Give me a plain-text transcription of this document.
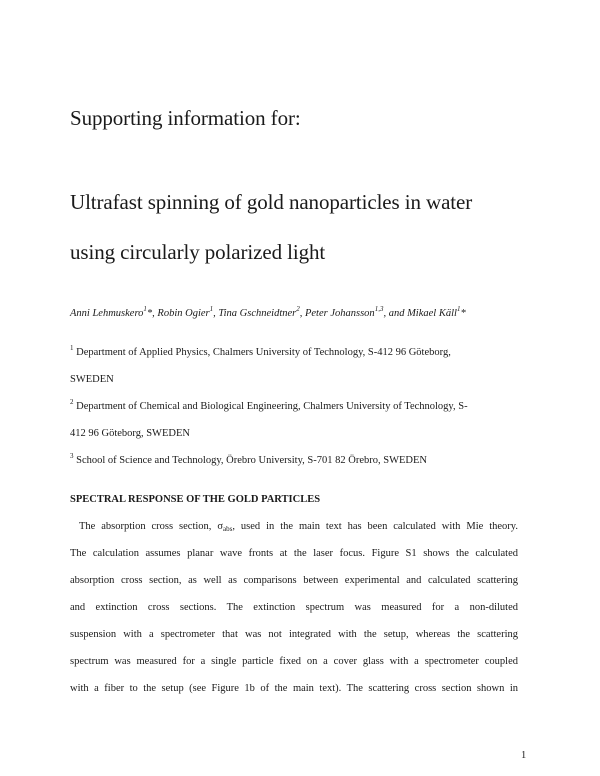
Supporting information for:
Ultrafast spinning of gold nanoparticles in water
using circularly polarized light
Anni Lehmuskero$^1$*, Robin Ogier$^1$, Tina Gschneidtner$^2$, Peter Johansson$^{1,3}$, and Mikael Käll$^1$*
$^1$ Department of Applied Physics, Chalmers University of Technology, S-412 96 Göteborg,
SWEDEN
$^2$ Department of Chemical and Biological Engineering, Chalmers University of Technology, S-
412 96 Göteborg, SWEDEN
$^3$ School of Science and Technology, Örebro University, S-701 82 Örebro, SWEDEN
SPECTRAL RESPONSE OF THE GOLD PARTICLES
The absorption cross section, $\sigma_{abs}$, used in the main text has been calculated with Mie theory.
The calculation assumes planar wave fronts at the laser focus. Figure S1 shows the calculated
absorption cross section, as well as comparisons between experimental and calculated scattering
and extinction cross sections. The extinction spectrum was measured for a non-diluted
suspension with a spectrometer that was not integrated with the setup, whereas the scattering
spectrum was measured for a single particle fixed on a cover glass with a spectrometer coupled
with a fiber to the setup (see Figure 1b of the main text). The scattering cross section shown in
1
